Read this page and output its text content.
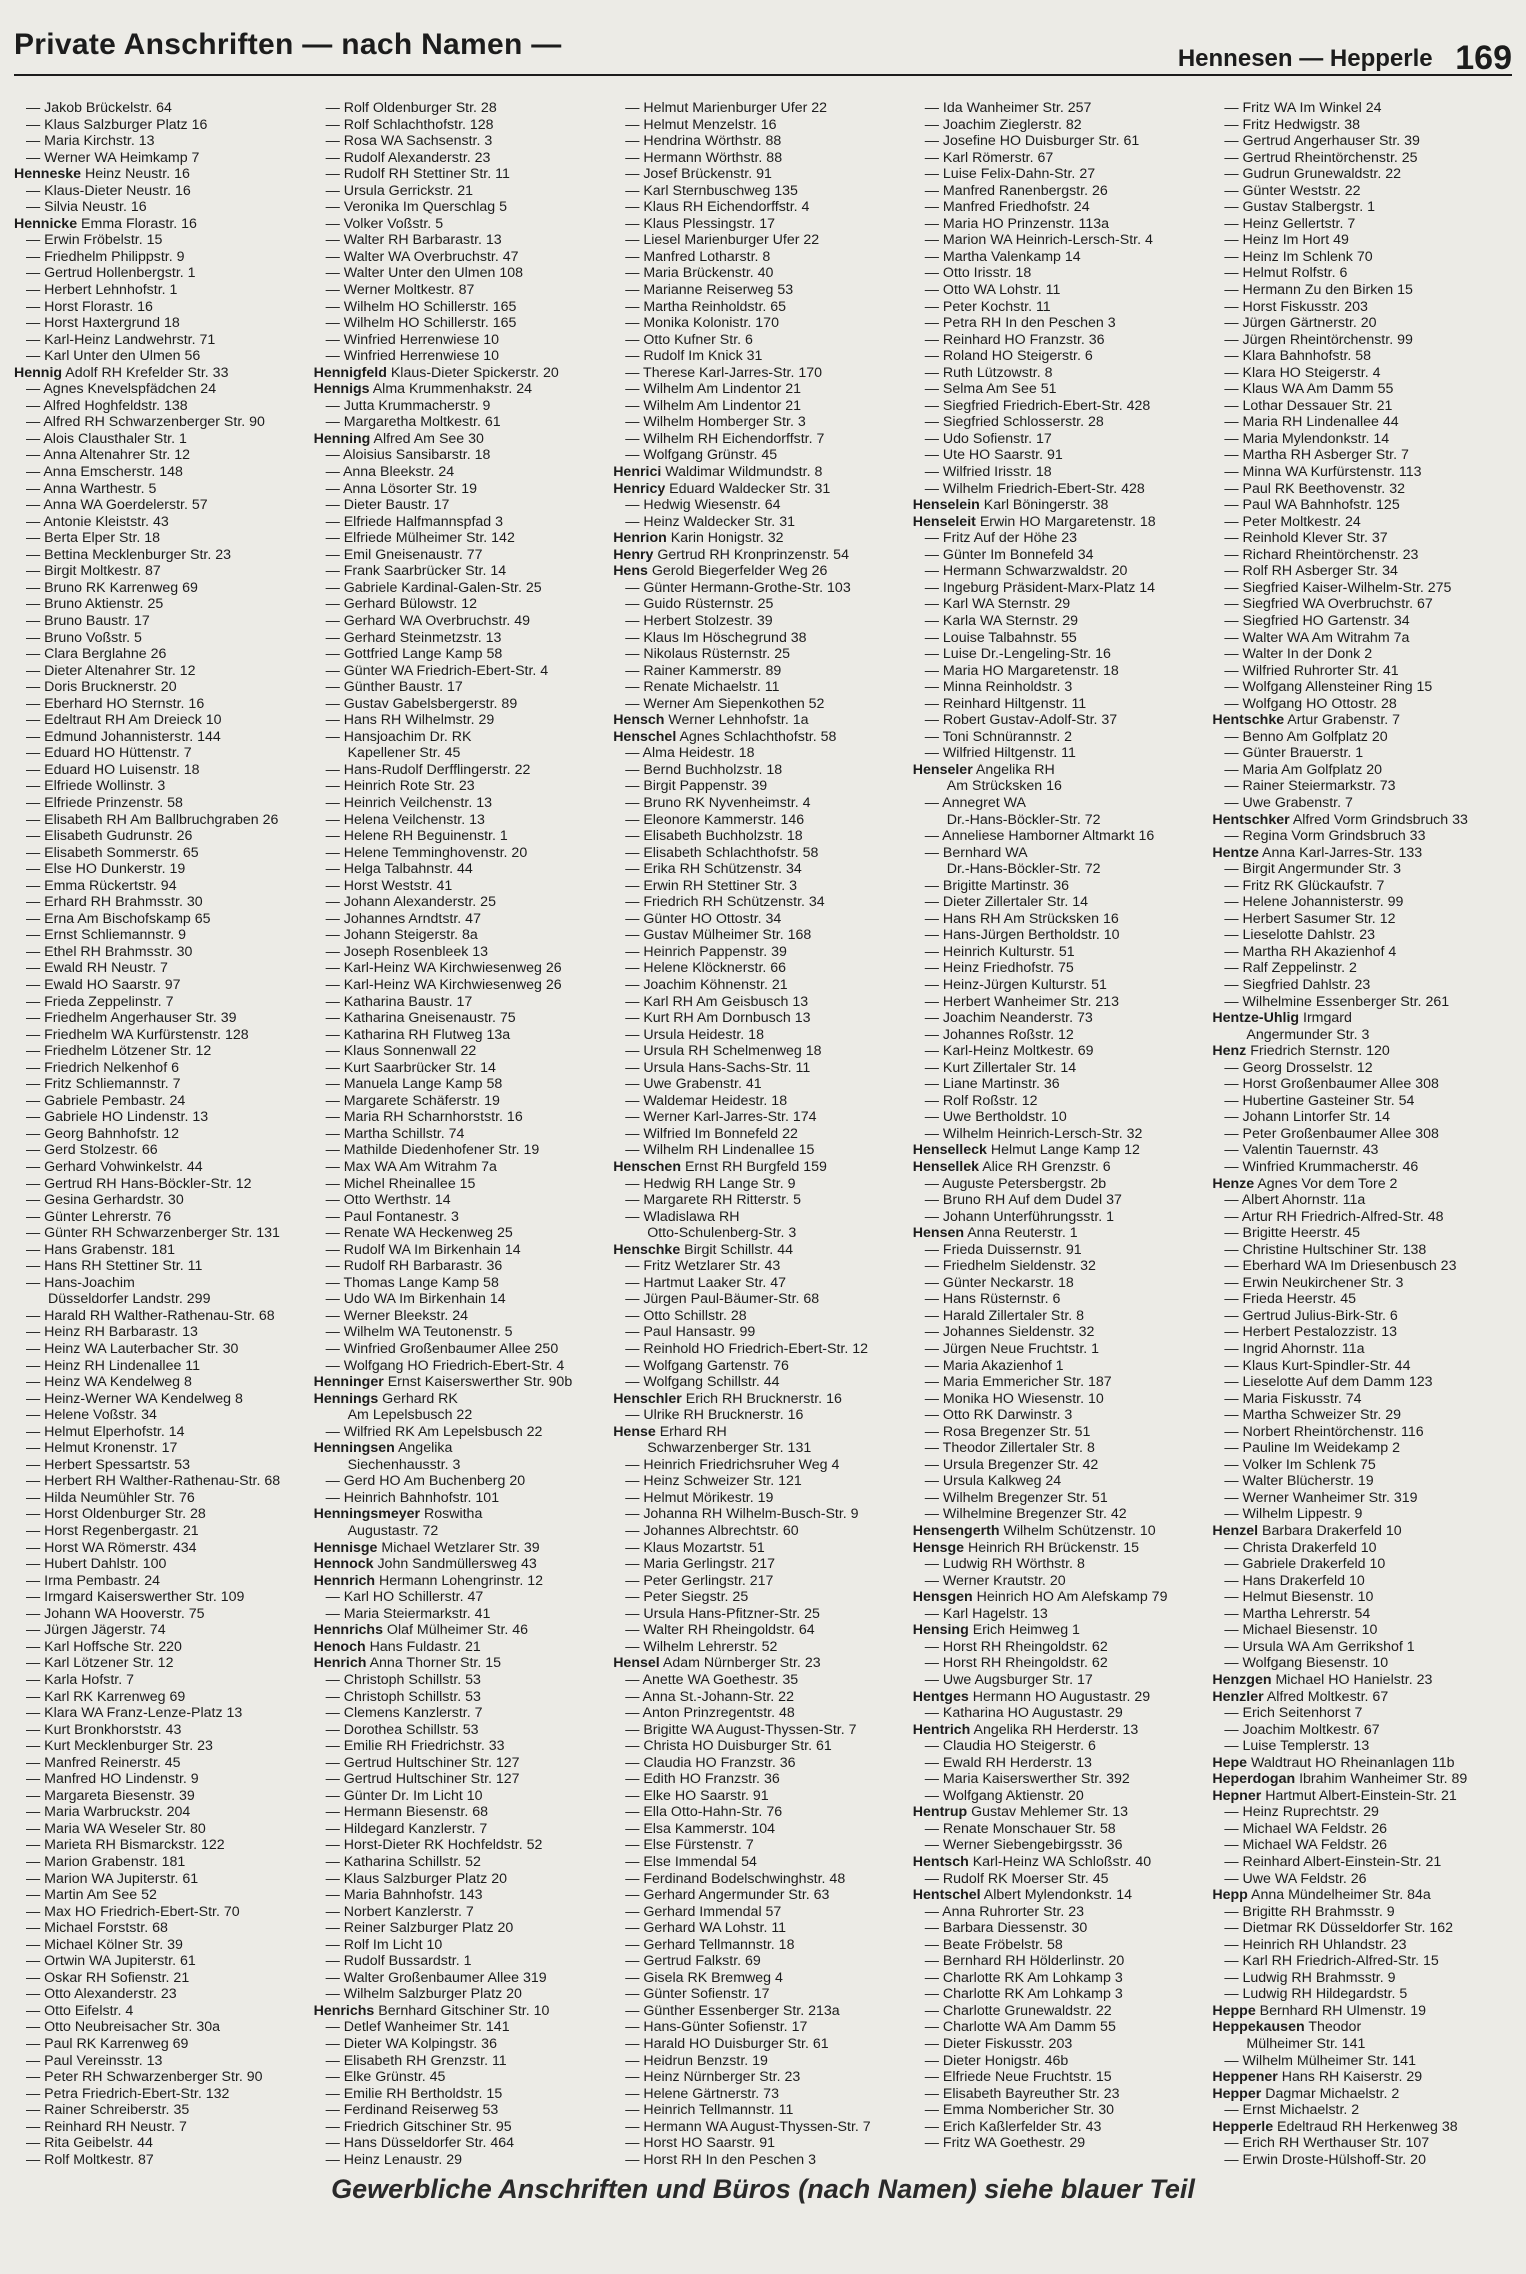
Private Anschriften — nach Namen —	Hennesen — Hepperle 169
— Jakob Brückelstr. 64
— Klaus Salzburger Platz 16
— Maria Kirchstr. 13
— Werner WA Heimkamp 7
Henneske Heinz Neustr. 16
— Klaus-Dieter Neustr. 16
— Silvia Neustr. 16
Hennicke Emma Florastr. 16
— Erwin Fröbelstr. 15
— Friedhelm Philippstr. 9
— Gertrud Hollenbergstr. 1
— Herbert Lehnhofstr. 1
— Horst Florastr. 16
— Horst Haxtergrund 18
— Karl-Heinz Landwehrstr. 71
— Karl Unter den Ulmen 56
Hennig Adolf RH Krefelder Str. 33
— Agnes Knevelspfädchen 24
— Alfred Hoghfeldstr. 138
— Alfred RH Schwarzenberger Str. 90
— Alois Clausthaler Str. 1
— Anna Altenahrer Str. 12
— Anna Emscherstr. 148
— Anna Warthestr. 5
— Anna WA Goerdelerstr. 57
— Antonie Kleiststr. 43
— Berta Elper Str. 18
— Bettina Mecklenburger Str. 23
— Birgit Moltkestr. 87
— Bruno RK Karrenweg 69
— Bruno Aktienstr. 25
— Bruno Baustr. 17
— Bruno Voßstr. 5
— Clara Berglahne 26
— Dieter Altenahrer Str. 12
— Doris Brucknerstr. 20
— Eberhard HO Sternstr. 16
— Edeltraut RH Am Dreieck 10
— Edmund Johannisterstr. 144
— Eduard HO Hüttenstr. 7
— Eduard HO Luisenstr. 18
— Elfriede Wollinstr. 3
— Elfriede Prinzenstr. 58
— Elisabeth RH Am Ballbruchgraben 26
— Elisabeth Gudrunstr. 26
— Elisabeth Sommerstr. 65
— Else HO Dunkerstr. 19
— Emma Rückertstr. 94
— Erhard RH Brahmsstr. 30
— Erna Am Bischofskamp 65
— Ernst Schliemannstr. 9
— Ethel RH Brahmsstr. 30
— Ewald RH Neustr. 7
— Ewald HO Saarstr. 97
— Frieda Zeppelinstr. 7
— Friedhelm Angerhauser Str. 39
— Friedhelm WA Kurfürstenstr. 128
— Friedhelm Lötzener Str. 12
— Friedrich Nelkenhof 6
— Fritz Schliemannstr. 7
— Gabriele Pembastr. 24
— Gabriele HO Lindenstr. 13
— Georg Bahnhofstr. 12
— Gerd Stolzestr. 66
— Gerhard Vohwinkelstr. 44
— Gertrud RH Hans-Böckler-Str. 12
— Gesina Gerhardstr. 30
— Günter Lehrerstr. 76
— Günter RH Schwarzenberger Str. 131
— Hans Grabenstr. 181
— Hans RH Stettiner Str. 11
— Hans-Joachim
Düsseldorfer Landstr. 299
— Harald RH Walther-Rathenau-Str. 68
— Heinz RH Barbarastr. 13
— Heinz WA Lauterbacher Str. 30
— Heinz RH Lindenallee 11
— Heinz WA Kendelweg 8
— Heinz-Werner WA Kendelweg 8
— Helene Voßstr. 34
— Helmut Elperhofstr. 14
— Helmut Kronenstr. 17
— Herbert Spessartstr. 53
— Herbert RH Walther-Rathenau-Str. 68
— Hilda Neumühler Str. 76
— Horst Oldenburger Str. 28
— Horst Regenbergastr. 21
— Horst WA Römerstr. 434
— Hubert Dahlstr. 100
— Irma Pembastr. 24
— Irmgard Kaiserswerther Str. 109
— Johann WA Hooverstr. 75
— Jürgen Jägerstr. 74
— Karl Hoffsche Str. 220
— Karl Lötzener Str. 12
— Karla Hofstr. 7
— Karl RK Karrenweg 69
— Klara WA Franz-Lenze-Platz 13
— Kurt Bronkhorststr. 43
— Kurt Mecklenburger Str. 23
— Manfred Reinerstr. 45
— Manfred HO Lindenstr. 9
— Margareta Biesenstr. 39
— Maria Warbruckstr. 204
— Maria WA Weseler Str. 80
— Marieta RH Bismarckstr. 122
— Marion Grabenstr. 181
— Marion WA Jupiterstr. 61
— Martin Am See 52
— Max HO Friedrich-Ebert-Str. 70
— Michael Forststr. 68
— Michael Kölner Str. 39
— Ortwin WA Jupiterstr. 61
— Oskar RH Sofienstr. 21
— Otto Alexanderstr. 23
— Otto Eifelstr. 4
— Otto Neubreisacher Str. 30a
— Paul RK Karrenweg 69
— Paul Vereinsstr. 13
— Peter RH Schwarzenberger Str. 90
— Petra Friedrich-Ebert-Str. 132
— Rainer Schreiberstr. 35
— Reinhard RH Neustr. 7
— Rita Geibelstr. 44
— Rolf Moltkestr. 87
— Rolf Oldenburger Str. 28
— Rolf Schlachthofstr. 128
— Rosa WA Sachsenstr. 3
— Rudolf Alexanderstr. 23
— Rudolf RH Stettiner Str. 11
— Ursula Gerrickstr. 21
— Veronika Im Querschlag 5
— Volker Voßstr. 5
— Walter RH Barbarastr. 13
— Walter WA Overbruchstr. 47
— Walter Unter den Ulmen 108
— Werner Moltkestr. 87
— Wilhelm HO Schillerstr. 165
— Wilhelm HO Schillerstr. 165
— Winfried Herrenwiese 10
— Winfried Herrenwiese 10
Hennigfeld Klaus-Dieter Spickerstr. 20
Hennigs Alma Krummenhakstr. 24
— Jutta Krummacherstr. 9
— Margaretha Moltkestr. 61
Henning Alfred Am See 30
— Aloisius Sansibarstr. 18
— Anna Bleekstr. 24
— Anna Lösorter Str. 19
— Dieter Baustr. 17
— Elfriede Halfmannspfad 3
— Elfriede Mülheimer Str. 142
— Emil Gneisenaustr. 77
— Frank Saarbrücker Str. 14
— Gabriele Kardinal-Galen-Str. 25
— Gerhard Bülowstr. 12
— Gerhard WA Overbruchstr. 49
— Gerhard Steinmetzstr. 13
— Gottfried Lange Kamp 58
— Günter WA Friedrich-Ebert-Str. 4
— Günther Baustr. 17
— Gustav Gabelsbergerstr. 89
— Hans RH Wilhelmstr. 29
— Hansjoachim Dr. RK
Kapellener Str. 45
— Hans-Rudolf Derfflingerstr. 22
— Heinrich Rote Str. 23
— Heinrich Veilchenstr. 13
— Helena Veilchenstr. 13
— Helene RH Beguinenstr. 1
— Helene Temminghovenstr. 20
— Helga Talbahnstr. 44
— Horst Weststr. 41
— Johann Alexanderstr. 25
— Johannes Arndtstr. 47
— Johann Steigerstr. 8a
— Joseph Rosenbleek 13
— Karl-Heinz WA Kirchwiesenweg 26
— Karl-Heinz WA Kirchwiesenweg 26
— Katharina Baustr. 17
— Katharina Gneisenaustr. 75
— Katharina RH Flutweg 13a
— Klaus Sonnenwall 22
— Kurt Saarbrücker Str. 14
— Manuela Lange Kamp 58
— Margarete Schäferstr. 19
— Maria RH Scharnhorststr. 16
— Martha Schillstr. 74
— Mathilde Diedenhofener Str. 19
— Max WA Am Witrahm 7a
— Michel Rheinallee 15
— Otto Werthstr. 14
— Paul Fontanestr. 3
— Renate WA Heckenweg 25
— Rudolf WA Im Birkenhain 14
— Rudolf RH Barbarastr. 36
— Thomas Lange Kamp 58
— Udo WA Im Birkenhain 14
— Werner Bleekstr. 24
— Wilhelm WA Teutonenstr. 5
— Winfried Großenbaumer Allee 250
— Wolfgang HO Friedrich-Ebert-Str. 4
Henninger Ernst Kaiserswerther Str. 90b
Hennings Gerhard RK
Am Lepelsbusch 22
— Wilfried RK Am Lepelsbusch 22
Henningsen Angelika
Siechenhausstr. 3
— Gerd HO Am Buchenberg 20
— Heinrich Bahnhofstr. 101
Henningsmeyer Roswitha
Augustastr. 72
Hennisge Michael Wetzlarer Str. 39
Hennock John Sandmüllersweg 43
Hennrich Hermann Lohengrinstr. 12
— Karl HO Schillerstr. 47
— Maria Steiermarkstr. 41
Hennrichs Olaf Mülheimer Str. 46
Henoch Hans Fuldastr. 21
Henrich Anna Thorner Str. 15
— Christoph Schillstr. 53
— Christoph Schillstr. 53
— Clemens Kanzlerstr. 7
— Dorothea Schillstr. 53
— Emilie RH Friedrichstr. 33
— Gertrud Hultschiner Str. 127
— Gertrud Hultschiner Str. 127
— Günter Dr. Im Licht 10
— Hermann Biesenstr. 68
— Hildegard Kanzlerstr. 7
— Horst-Dieter RK Hochfeldstr. 52
— Katharina Schillstr. 52
— Klaus Salzburger Platz 20
— Maria Bahnhofstr. 143
— Norbert Kanzlerstr. 7
— Reiner Salzburger Platz 20
— Rolf Im Licht 10
— Rudolf Bussardstr. 1
— Walter Großenbaumer Allee 319
— Wilhelm Salzburger Platz 20
Henrichs Bernhard Gitschiner Str. 10
— Detlef Wanheimer Str. 141
— Dieter WA Kolpingstr. 36
— Elisabeth RH Grenzstr. 11
— Elke Grünstr. 45
— Emilie RH Bertholdstr. 15
— Ferdinand Reiserweg 53
— Friedrich Gitschiner Str. 95
— Hans Düsseldorfer Str. 464
— Heinz Lenaustr. 29
— Helmut Marienburger Ufer 22
— Helmut Menzelstr. 16
— Hendrina Wörthstr. 88
— Hermann Wörthstr. 88
— Josef Brückenstr. 91
— Karl Sternbuschweg 135
— Klaus RH Eichendorffstr. 4
— Klaus Plessingstr. 17
— Liesel Marienburger Ufer 22
— Manfred Lotharstr. 8
— Maria Brückenstr. 40
— Marianne Reiserweg 53
— Martha Reinholdstr. 65
— Monika Kolonistr. 170
— Otto Kufner Str. 6
— Rudolf Im Knick 31
— Therese Karl-Jarres-Str. 170
— Wilhelm Am Lindentor 21
— Wilhelm Am Lindentor 21
— Wilhelm Homberger Str. 3
— Wilhelm RH Eichendorffstr. 7
— Wolfgang Grünstr. 45
Henrici Waldimar Wildmundstr. 8
Henricy Eduard Waldecker Str. 31
— Hedwig Wiesenstr. 64
— Heinz Waldecker Str. 31
Henrion Karin Honigstr. 32
Henry Gertrud RH Kronprinzenstr. 54
Hens Gerold Biegerfelder Weg 26
— Günter Hermann-Grothe-Str. 103
— Guido Rüsternstr. 25
— Herbert Stolzestr. 39
— Klaus Im Höschegrund 38
— Nikolaus Rüsternstr. 25
— Rainer Kammerstr. 89
— Renate Michaelstr. 11
— Werner Am Siepenkothen 52
Hensch Werner Lehnhofstr. 1a
Henschel Agnes Schlachthofstr. 58
— Alma Heidestr. 18
— Bernd Buchholzstr. 18
— Birgit Pappenstr. 39
— Bruno RK Nyvenheimstr. 4
— Eleonore Kammerstr. 146
— Elisabeth Buchholzstr. 18
— Elisabeth Schlachthofstr. 58
— Erika RH Schützenstr. 34
— Erwin RH Stettiner Str. 3
— Friedrich RH Schützenstr. 34
— Günter HO Ottostr. 34
— Gustav Mülheimer Str. 168
— Heinrich Pappenstr. 39
— Helene Klöcknerstr. 66
— Joachim Köhnenstr. 21
— Karl RH Am Geisbusch 13
— Kurt RH Am Dornbusch 13
— Ursula Heidestr. 18
— Ursula RH Schelmenweg 18
— Ursula Hans-Sachs-Str. 11
— Uwe Grabenstr. 41
— Waldemar Heidestr. 18
— Werner Karl-Jarres-Str. 174
— Wilfried Im Bonnefeld 22
— Wilhelm RH Lindenallee 15
Henschen Ernst RH Burgfeld 159
— Hedwig RH Lange Str. 9
— Margarete RH Ritterstr. 5
— Wladislawa RH
Otto-Schulenberg-Str. 3
Henschke Birgit Schillstr. 44
— Fritz Wetzlarer Str. 43
— Hartmut Laaker Str. 47
— Jürgen Paul-Bäumer-Str. 68
— Otto Schillstr. 28
— Paul Hansastr. 99
— Reinhold HO Friedrich-Ebert-Str. 12
— Wolfgang Gartenstr. 76
— Wolfgang Schillstr. 44
Henschler Erich RH Brucknerstr. 16
— Ulrike RH Brucknerstr. 16
Hense Erhard RH
Schwarzenberger Str. 131
— Heinrich Friedrichsruher Weg 4
— Heinz Schweizer Str. 121
— Helmut Mörikestr. 19
— Johanna RH Wilhelm-Busch-Str. 9
— Johannes Albrechtstr. 60
— Klaus Mozartstr. 51
— Maria Gerlingstr. 217
— Peter Gerlingstr. 217
— Peter Siegstr. 25
— Ursula Hans-Pfitzner-Str. 25
— Walter RH Rheingoldstr. 64
— Wilhelm Lehrerstr. 52
Hensel Adam Nürnberger Str. 23
— Anette WA Goethestr. 35
— Anna St.-Johann-Str. 22
— Anton Prinzregentstr. 48
— Brigitte WA August-Thyssen-Str. 7
— Christa HO Duisburger Str. 61
— Claudia HO Franzstr. 36
— Edith HO Franzstr. 36
— Elke HO Saarstr. 91
— Ella Otto-Hahn-Str. 76
— Elsa Kammerstr. 104
— Else Fürstenstr. 7
— Else Immendal 54
— Ferdinand Bodelschwinghstr. 48
— Gerhard Angermunder Str. 63
— Gerhard Immendal 57
— Gerhard WA Lohstr. 11
— Gerhard Tellmannstr. 18
— Gertrud Falkstr. 69
— Gisela RK Bremweg 4
— Günter Sofienstr. 17
— Günther Essenberger Str. 213a
— Hans-Günter Sofienstr. 17
— Harald HO Duisburger Str. 61
— Heidrun Benzstr. 19
— Heinz Nürnberger Str. 23
— Helene Gärtnerstr. 73
— Heinrich Tellmannstr. 11
— Hermann WA August-Thyssen-Str. 7
— Horst HO Saarstr. 91
— Horst RH In den Peschen 3
— Ida Wanheimer Str. 257
— Joachim Zieglerstr. 82
— Josefine HO Duisburger Str. 61
— Karl Römerstr. 67
— Luise Felix-Dahn-Str. 27
— Manfred Ranenbergstr. 26
— Manfred Friedhofstr. 24
— Maria HO Prinzenstr. 113a
— Marion WA Heinrich-Lersch-Str. 4
— Martha Valenkamp 14
— Otto Irisstr. 18
— Otto WA Lohstr. 11
— Peter Kochstr. 11
— Petra RH In den Peschen 3
— Reinhard HO Franzstr. 36
— Roland HO Steigerstr. 6
— Ruth Lützowstr. 8
— Selma Am See 51
— Siegfried Friedrich-Ebert-Str. 428
— Siegfried Schlosserstr. 28
— Udo Sofienstr. 17
— Ute HO Saarstr. 91
— Wilfried Irisstr. 18
— Wilhelm Friedrich-Ebert-Str. 428
Henselein Karl Böningerstr. 38
Henseleit Erwin HO Margaretenstr. 18
— Fritz Auf der Höhe 23
— Günter Im Bonnefeld 34
— Hermann Schwarzwaldstr. 20
— Ingeburg Präsident-Marx-Platz 14
— Karl WA Sternstr. 29
— Karla WA Sternstr. 29
— Louise Talbahnstr. 55
— Luise Dr.-Lengeling-Str. 16
— Maria HO Margaretenstr. 18
— Minna Reinholdstr. 3
— Reinhard Hiltgenstr. 11
— Robert Gustav-Adolf-Str. 37
— Toni Schnürannstr. 2
— Wilfried Hiltgenstr. 11
Henseler Angelika RH
Am Strücksken 16
— Annegret WA
Dr.-Hans-Böckler-Str. 72
— Anneliese Hamborner Altmarkt 16
— Bernhard WA
Dr.-Hans-Böckler-Str. 72
— Brigitte Martinstr. 36
— Dieter Zillertaler Str. 14
— Hans RH Am Strücksken 16
— Hans-Jürgen Bertholdstr. 10
— Heinrich Kulturstr. 51
— Heinz Friedhofstr. 75
— Heinz-Jürgen Kulturstr. 51
— Herbert Wanheimer Str. 213
— Joachim Neanderstr. 73
— Johannes Roßstr. 12
— Karl-Heinz Moltkestr. 69
— Kurt Zillertaler Str. 14
— Liane Martinstr. 36
— Rolf Roßstr. 12
— Uwe Bertholdstr. 10
— Wilhelm Heinrich-Lersch-Str. 32
Henselleck Helmut Lange Kamp 12
Hensellek Alice RH Grenzstr. 6
— Auguste Petersbergstr. 2b
— Bruno RH Auf dem Dudel 37
— Johann Unterführungsstr. 1
Hensen Anna Reuterstr. 1
— Frieda Duissernstr. 91
— Friedhelm Sieldenstr. 32
— Günter Neckarstr. 18
— Hans Rüsternstr. 6
— Harald Zillertaler Str. 8
— Johannes Sieldenstr. 32
— Jürgen Neue Fruchtstr. 1
— Maria Akazienhof 1
— Maria Emmericher Str. 187
— Monika HO Wiesenstr. 10
— Otto RK Darwinstr. 3
— Rosa Bregenzer Str. 51
— Theodor Zillertaler Str. 8
— Ursula Bregenzer Str. 42
— Ursula Kalkweg 24
— Wilhelm Bregenzer Str. 51
— Wilhelmine Bregenzer Str. 42
Hensengerth Wilhelm Schützenstr. 10
Hensge Heinrich RH Brückenstr. 15
— Ludwig RH Wörthstr. 8
— Werner Krautstr. 20
Hensgen Heinrich HO Am Alefskamp 79
— Karl Hagelstr. 13
Hensing Erich Heimweg 1
— Horst RH Rheingoldstr. 62
— Horst RH Rheingoldstr. 62
— Uwe Augsburger Str. 17
Hentges Hermann HO Augustastr. 29
— Katharina HO Augustastr. 29
Hentrich Angelika RH Herderstr. 13
— Claudia HO Steigerstr. 6
— Ewald RH Herderstr. 13
— Maria Kaiserswerther Str. 392
— Wolfgang Aktienstr. 20
Hentrup Gustav Mehlemer Str. 13
— Renate Monschauer Str. 58
— Werner Siebengebirgsstr. 36
Hentsch Karl-Heinz WA Schloßstr. 40
— Rudolf RK Moerser Str. 45
Hentschel Albert Mylendonkstr. 14
— Anna Ruhrorter Str. 23
— Barbara Diessenstr. 30
— Beate Fröbelstr. 58
— Bernhard RH Hölderlinstr. 20
— Charlotte RK Am Lohkamp 3
— Charlotte RK Am Lohkamp 3
— Charlotte Grunewaldstr. 22
— Charlotte WA Am Damm 55
— Dieter Fiskusstr. 203
— Dieter Honigstr. 46b
— Elfriede Neue Fruchtstr. 15
— Elisabeth Bayreuther Str. 23
— Emma Nombericher Str. 30
— Erich Kaßlerfelder Str. 43
— Fritz WA Goethestr. 29
— Fritz WA Im Winkel 24
— Fritz Hedwigstr. 38
— Gertrud Angerhauser Str. 39
— Gertrud Rheintörchenstr. 25
— Gudrun Grunewaldstr. 22
— Günter Weststr. 22
— Gustav Stalbergstr. 1
— Heinz Gellertstr. 7
— Heinz Im Hort 49
— Heinz Im Schlenk 70
— Helmut Rolfstr. 6
— Hermann Zu den Birken 15
— Horst Fiskusstr. 203
— Jürgen Gärtnerstr. 20
— Jürgen Rheintörchenstr. 99
— Klara Bahnhofstr. 58
— Klara HO Steigerstr. 4
— Klaus WA Am Damm 55
— Lothar Dessauer Str. 21
— Maria RH Lindenallee 44
— Maria Mylendonkstr. 14
— Martha RH Asberger Str. 7
— Minna WA Kurfürstenstr. 113
— Paul RK Beethovenstr. 32
— Paul WA Bahnhofstr. 125
— Peter Moltkestr. 24
— Reinhold Klever Str. 37
— Richard Rheintörchenstr. 23
— Rolf RH Asberger Str. 34
— Siegfried Kaiser-Wilhelm-Str. 275
— Siegfried WA Overbruchstr. 67
— Siegfried HO Gartenstr. 34
— Walter WA Am Witrahm 7a
— Walter In der Donk 2
— Wilfried Ruhrorter Str. 41
— Wolfgang Allensteiner Ring 15
— Wolfgang HO Ottostr. 28
Hentschke Artur Grabenstr. 7
— Benno Am Golfplatz 20
— Günter Brauerstr. 1
— Maria Am Golfplatz 20
— Rainer Steiermarkstr. 73
— Uwe Grabenstr. 7
Hentschker Alfred Vorm Grindsbruch 33
— Regina Vorm Grindsbruch 33
Hentze Anna Karl-Jarres-Str. 133
— Birgit Angermunder Str. 3
— Fritz RK Glückaufstr. 7
— Helene Johannisterstr. 99
— Herbert Sasumer Str. 12
— Lieselotte Dahlstr. 23
— Martha RH Akazienhof 4
— Ralf Zeppelinstr. 2
— Siegfried Dahlstr. 23
— Wilhelmine Essenberger Str. 261
Hentze-Uhlig Irmgard
Angermunder Str. 3
Henz Friedrich Sternstr. 120
— Georg Drosselstr. 12
— Horst Großenbaumer Allee 308
— Hubertine Gasteiner Str. 54
— Johann Lintorfer Str. 14
— Peter Großenbaumer Allee 308
— Valentin Tauernstr. 43
— Winfried Krummacherstr. 46
Henze Agnes Vor dem Tore 2
— Albert Ahornstr. 11a
— Artur RH Friedrich-Alfred-Str. 48
— Brigitte Heerstr. 45
— Christine Hultschiner Str. 138
— Eberhard WA Im Driesenbusch 23
— Erwin Neukirchener Str. 3
— Frieda Heerstr. 45
— Gertrud Julius-Birk-Str. 6
— Herbert Pestalozzistr. 13
— Ingrid Ahornstr. 11a
— Klaus Kurt-Spindler-Str. 44
— Lieselotte Auf dem Damm 123
— Maria Fiskusstr. 74
— Martha Schweizer Str. 29
— Norbert Rheintörchenstr. 116
— Pauline Im Weidekamp 2
— Volker Im Schlenk 75
— Walter Blücherstr. 19
— Werner Wanheimer Str. 319
— Wilhelm Lippestr. 9
Henzel Barbara Drakerfeld 10
— Christa Drakerfeld 10
— Gabriele Drakerfeld 10
— Hans Drakerfeld 10
— Helmut Biesenstr. 10
— Martha Lehrerstr. 54
— Michael Biesenstr. 10
— Ursula WA Am Gerrikshof 1
— Wolfgang Biesenstr. 10
Henzgen Michael HO Hanielstr. 23
Henzler Alfred Moltkestr. 67
— Erich Seitenhorst 7
— Joachim Moltkestr. 67
— Luise Templerstr. 13
Hepe Waldtraut HO Rheinanlagen 11b
Heperdogan Ibrahim Wanheimer Str. 89
Hepner Hartmut Albert-Einstein-Str. 21
— Heinz Ruprechtstr. 29
— Michael WA Feldstr. 26
— Michael WA Feldstr. 26
— Reinhard Albert-Einstein-Str. 21
— Uwe WA Feldstr. 26
Hepp Anna Mündelheimer Str. 84a
— Brigitte RH Brahmsstr. 9
— Dietmar RK Düsseldorfer Str. 162
— Heinrich RH Uhlandstr. 23
— Karl RH Friedrich-Alfred-Str. 15
— Ludwig RH Brahmsstr. 9
— Ludwig RH Hildegardstr. 5
Heppe Bernhard RH Ulmenstr. 19
Heppekausen Theodor
Mülheimer Str. 141
— Wilhelm Mülheimer Str. 141
Heppener Hans RH Kaiserstr. 29
Hepper Dagmar Michaelstr. 2
— Ernst Michaelstr. 2
Hepperle Edeltraud RH Herkenweg 38
— Erich RH Werthauser Str. 107
— Erwin Droste-Hülshoff-Str. 20
Gewerbliche Anschriften und Büros (nach Namen) siehe blauer Teil
